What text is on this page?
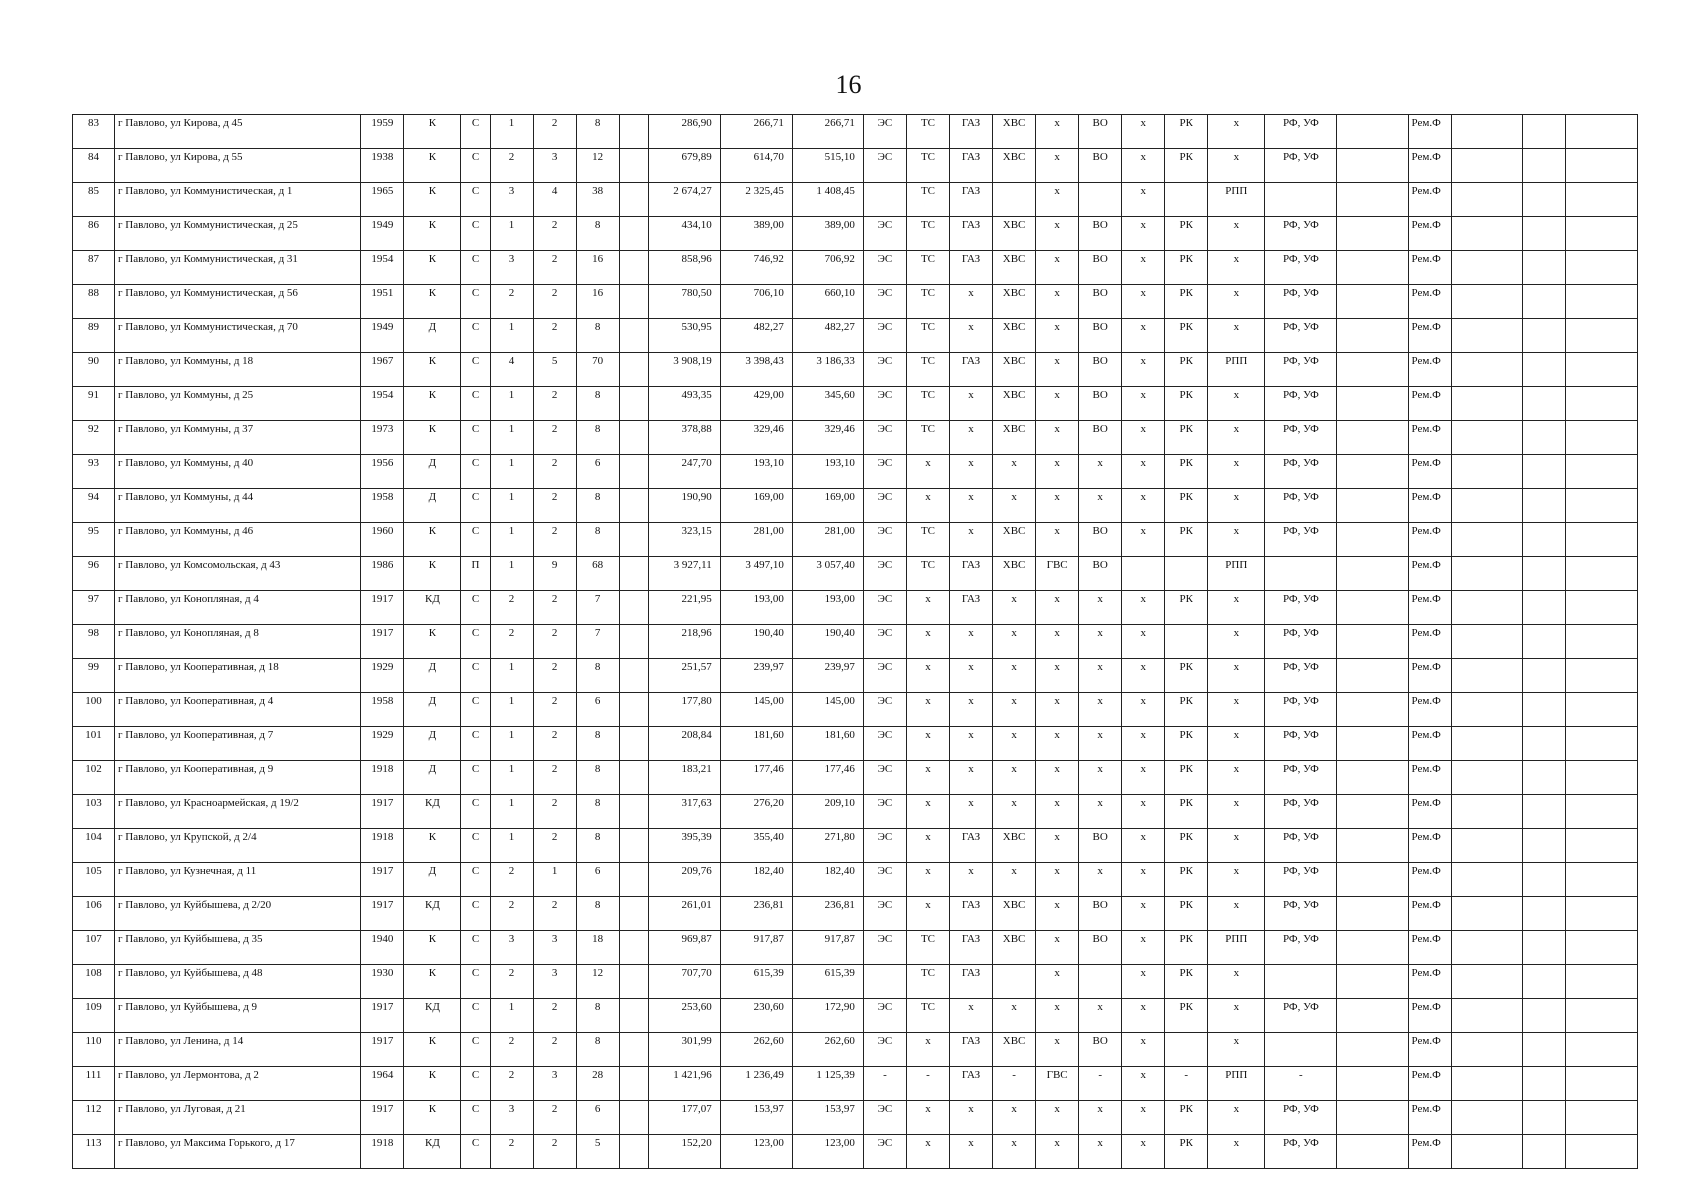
16
83	г Павлово, ул Кирова, д 45	1959	К	С	1	2	8		286,90	266,71	266,71	ЭС	ТС	ГАЗ	ХВС	х	ВО	х	РК	х	РФ, УФ		Рем.Ф			
84	г Павлово, ул Кирова, д 55	1938	К	С	2	3	12		679,89	614,70	515,10	ЭС	ТС	ГАЗ	ХВС	х	ВО	х	РК	х	РФ, УФ		Рем.Ф			
85	г Павлово, ул Коммунистическая, д 1	1965	К	С	3	4	38		2 674,27	2 325,45	1 408,45		ТС	ГАЗ		х		х		РПП			Рем.Ф			
86	г Павлово, ул Коммунистическая, д 25	1949	К	С	1	2	8		434,10	389,00	389,00	ЭС	ТС	ГАЗ	ХВС	х	ВО	х	РК	х	РФ, УФ		Рем.Ф			
87	г Павлово, ул Коммунистическая, д 31	1954	К	С	3	2	16		858,96	746,92	706,92	ЭС	ТС	ГАЗ	ХВС	х	ВО	х	РК	х	РФ, УФ		Рем.Ф			
88	г Павлово, ул Коммунистическая, д 56	1951	К	С	2	2	16		780,50	706,10	660,10	ЭС	ТС	х	ХВС	х	ВО	х	РК	х	РФ, УФ		Рем.Ф			
89	г Павлово, ул Коммунистическая, д 70	1949	Д	С	1	2	8		530,95	482,27	482,27	ЭС	ТС	х	ХВС	х	ВО	х	РК	х	РФ, УФ		Рем.Ф			
90	г Павлово, ул Коммуны, д 18	1967	К	С	4	5	70		3 908,19	3 398,43	3 186,33	ЭС	ТС	ГАЗ	ХВС	х	ВО	х	РК	РПП	РФ, УФ		Рем.Ф			
91	г Павлово, ул Коммуны, д 25	1954	К	С	1	2	8		493,35	429,00	345,60	ЭС	ТС	х	ХВС	х	ВО	х	РК	х	РФ, УФ		Рем.Ф			
92	г Павлово, ул Коммуны, д 37	1973	К	С	1	2	8		378,88	329,46	329,46	ЭС	ТС	х	ХВС	х	ВО	х	РК	х	РФ, УФ		Рем.Ф			
93	г Павлово, ул Коммуны, д 40	1956	Д	С	1	2	6		247,70	193,10	193,10	ЭС	х	х	х	х	х	х	РК	х	РФ, УФ		Рем.Ф			
94	г Павлово, ул Коммуны, д 44	1958	Д	С	1	2	8		190,90	169,00	169,00	ЭС	х	х	х	х	х	х	РК	х	РФ, УФ		Рем.Ф			
95	г Павлово, ул Коммуны, д 46	1960	К	С	1	2	8		323,15	281,00	281,00	ЭС	ТС	х	ХВС	х	ВО	х	РК	х	РФ, УФ		Рем.Ф			
96	г Павлово, ул Комсомольская, д 43	1986	К	П	1	9	68		3 927,11	3 497,10	3 057,40	ЭС	ТС	ГАЗ	ХВС	ГВС	ВО			РПП			Рем.Ф			
97	г Павлово, ул Конопляная, д 4	1917	КД	С	2	2	7		221,95	193,00	193,00	ЭС	х	ГАЗ	х	х	х	х	РК	х	РФ, УФ		Рем.Ф			
98	г Павлово, ул Конопляная, д 8	1917	К	С	2	2	7		218,96	190,40	190,40	ЭС	х	х	х	х	х	х		х	РФ, УФ		Рем.Ф			
99	г Павлово, ул Кооперативная, д 18	1929	Д	С	1	2	8		251,57	239,97	239,97	ЭС	х	х	х	х	х	х	РК	х	РФ, УФ		Рем.Ф			
100	г Павлово, ул Кооперативная, д 4	1958	Д	С	1	2	6		177,80	145,00	145,00	ЭС	х	х	х	х	х	х	РК	х	РФ, УФ		Рем.Ф			
101	г Павлово, ул Кооперативная, д 7	1929	Д	С	1	2	8		208,84	181,60	181,60	ЭС	х	х	х	х	х	х	РК	х	РФ, УФ		Рем.Ф			
102	г Павлово, ул Кооперативная, д 9	1918	Д	С	1	2	8		183,21	177,46	177,46	ЭС	х	х	х	х	х	х	РК	х	РФ, УФ		Рем.Ф			
103	г Павлово, ул Красноармейская, д 19/2	1917	КД	С	1	2	8		317,63	276,20	209,10	ЭС	х	х	х	х	х	х	РК	х	РФ, УФ		Рем.Ф			
104	г Павлово, ул Крупской, д 2/4	1918	К	С	1	2	8		395,39	355,40	271,80	ЭС	х	ГАЗ	ХВС	х	ВО	х	РК	х	РФ, УФ		Рем.Ф			
105	г Павлово, ул Кузнечная, д 11	1917	Д	С	2	1	6		209,76	182,40	182,40	ЭС	х	х	х	х	х	х	РК	х	РФ, УФ		Рем.Ф			
106	г Павлово, ул Куйбышева, д 2/20	1917	КД	С	2	2	8		261,01	236,81	236,81	ЭС	х	ГАЗ	ХВС	х	ВО	х	РК	х	РФ, УФ		Рем.Ф			
107	г Павлово, ул Куйбышева, д 35	1940	К	С	3	3	18		969,87	917,87	917,87	ЭС	ТС	ГАЗ	ХВС	х	ВО	х	РК	РПП	РФ, УФ		Рем.Ф			
108	г Павлово, ул Куйбышева, д 48	1930	К	С	2	3	12		707,70	615,39	615,39		ТС	ГАЗ		х		х	РК	х			Рем.Ф			
109	г Павлово, ул Куйбышева, д 9	1917	КД	С	1	2	8		253,60	230,60	172,90	ЭС	ТС	х	х	х	х	х	РК	х	РФ, УФ		Рем.Ф			
110	г Павлово, ул Ленина, д 14	1917	К	С	2	2	8		301,99	262,60	262,60	ЭС	х	ГАЗ	ХВС	х	ВО	х		х			Рем.Ф			
111	г Павлово, ул Лермонтова, д 2	1964	К	С	2	3	28		1 421,96	1 236,49	1 125,39	-	-	ГАЗ	-	ГВС	-	х	-	РПП	-		Рем.Ф			
112	г Павлово, ул Луговая, д 21	1917	К	С	3	2	6		177,07	153,97	153,97	ЭС	х	х	х	х	х	х	РК	х	РФ, УФ		Рем.Ф			
113	г Павлово, ул Максима Горького, д 17	1918	КД	С	2	2	5		152,20	123,00	123,00	ЭС	х	х	х	х	х	х	РК	х	РФ, УФ		Рем.Ф			
